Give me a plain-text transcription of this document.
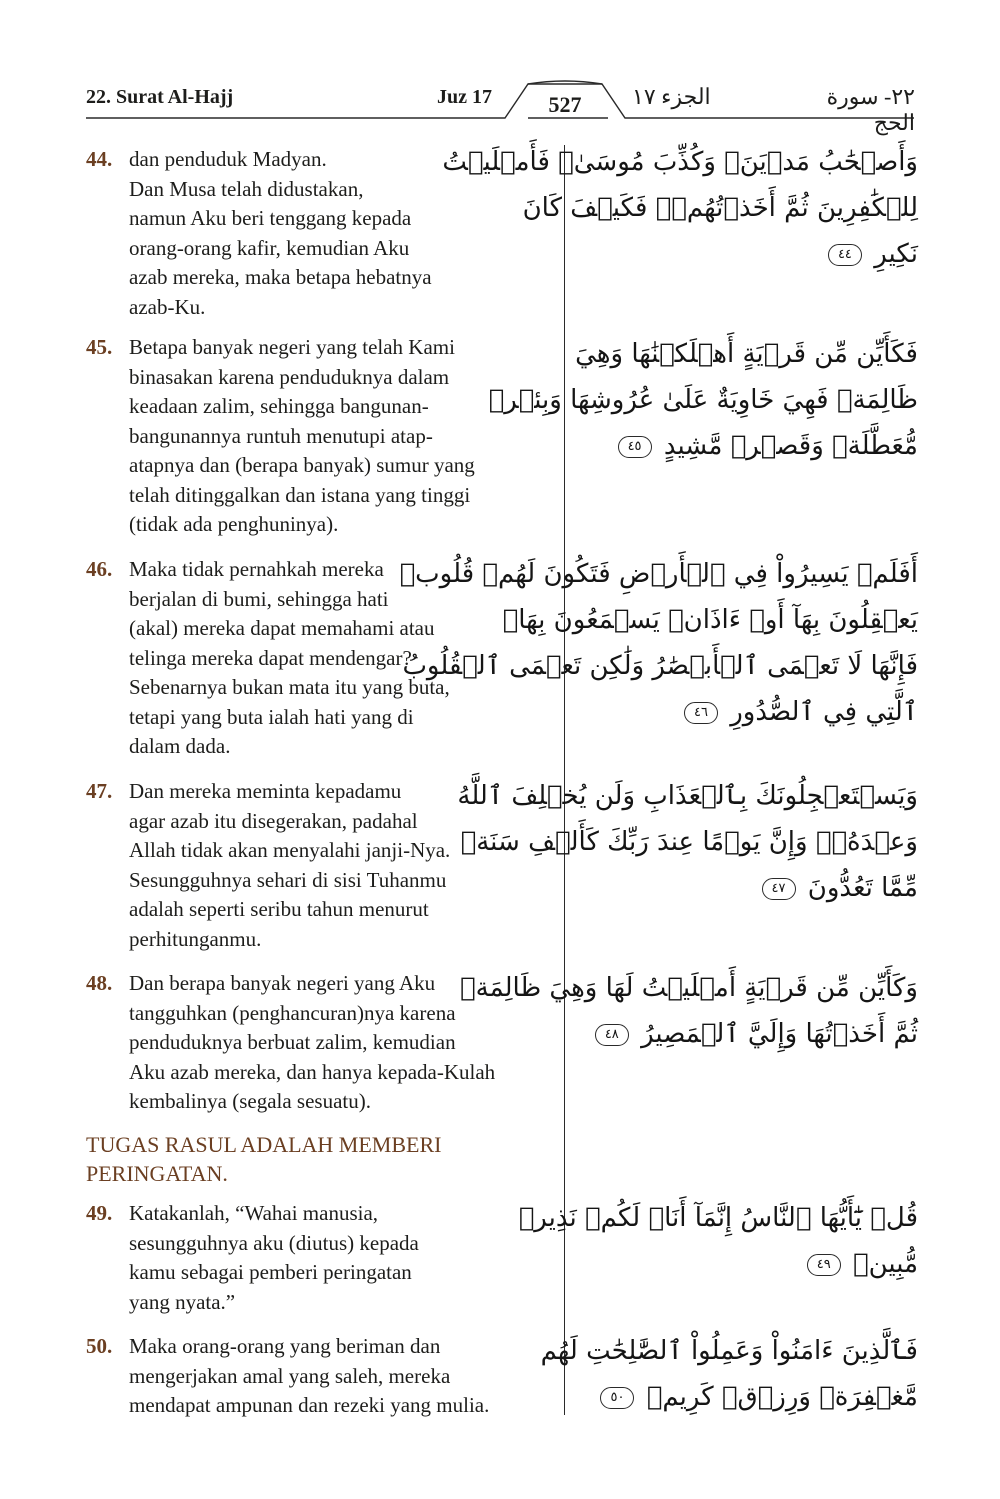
22. Surat Al-Hajj	Juz 17	527	الجزء ١٧	٢٢- سورة الحج
44. dan penduduk Madyan.
Dan Musa telah didustakan,
namun Aku beri tenggang kepada
orang-orang kafir, kemudian Aku
azab mereka, maka betapa hebatnya
azab-Ku.
وَأَصۡحَٰبُ مَدۡيَنَۖ وَكُذِّبَ مُوسَىٰۖ فَأَمۡلَيۡتُ
لِلۡكَٰفِرِينَ ثُمَّ أَخَذۡتُهُمۡۖ فَكَيۡفَ كَانَ
نَكِيرِ ٤٤
45. Betapa banyak negeri yang telah Kami
binasakan karena penduduknya dalam
keadaan zalim, sehingga bangunan-
bangunannya runtuh menutupi atap-
atapnya dan (berapa banyak) sumur yang
telah ditinggalkan dan istana yang tinggi
(tidak ada penghuninya).
فَكَأَيِّن مِّن قَرۡيَةٍ أَهۡلَكۡنَٰهَا وَهِيَ
ظَالِمَةٞ فَهِيَ خَاوِيَةٌ عَلَىٰ عُرُوشِهَا وَبِئۡرٖ
مُّعَطَّلَةٖ وَقَصۡرٖ مَّشِيدٍ ٤٥
46. Maka tidak pernahkah mereka
berjalan di bumi, sehingga hati
(akal) mereka dapat memahami atau
telinga mereka dapat mendengar?
Sebenarnya bukan mata itu yang buta,
tetapi yang buta ialah hati yang di
dalam dada.
أَفَلَمۡ يَسِيرُواْ فِي ٱلۡأَرۡضِ فَتَكُونَ لَهُمۡ قُلُوبٞ
يَعۡقِلُونَ بِهَآ أَوۡ ءَاذَانٞ يَسۡمَعُونَ بِهَاۖ
فَإِنَّهَا لَا تَعۡمَى ٱلۡأَبۡصَٰرُ وَلَٰكِن تَعۡمَى ٱلۡقُلُوبُ
ٱلَّتِي فِي ٱلصُّدُورِ ٤٦
47. Dan mereka meminta kepadamu
agar azab itu disegerakan, padahal
Allah tidak akan menyalahi janji-Nya.
Sesungguhnya sehari di sisi Tuhanmu
adalah seperti seribu tahun menurut
perhitunganmu.
وَيَسۡتَعۡجِلُونَكَ بِٱلۡعَذَابِ وَلَن يُخۡلِفَ ٱللَّهُ
وَعۡدَهُۥۚ وَإِنَّ يَوۡمًا عِندَ رَبِّكَ كَأَلۡفِ سَنَةٖ
مِّمَّا تَعُدُّونَ ٤٧
48. Dan berapa banyak negeri yang Aku
tangguhkan (penghancuran)nya karena
penduduknya berbuat zalim, kemudian
Aku azab mereka, dan hanya kepada-Kulah
kembalinya (segala sesuatu).
وَكَأَيِّن مِّن قَرۡيَةٍ أَمۡلَيۡتُ لَهَا وَهِيَ ظَالِمَةٞ
ثُمَّ أَخَذۡتُهَا وَإِلَيَّ ٱلۡمَصِيرُ ٤٨
TUGAS RASUL ADALAH MEMBERI
PERINGATAN.
49. Katakanlah, “Wahai manusia,
sesungguhnya aku (diutus) kepada
kamu sebagai pemberi peringatan
yang nyata.”
قُلۡ يَٰٓأَيُّهَا ٱلنَّاسُ إِنَّمَآ أَنَا۠ لَكُمۡ نَذِيرٞ
مُّبِينٞ ٤٩
50. Maka orang-orang yang beriman dan
mengerjakan amal yang saleh, mereka
mendapat ampunan dan rezeki yang mulia.
فَٱلَّذِينَ ءَامَنُواْ وَعَمِلُواْ ٱلصَّٰلِحَٰتِ لَهُم
مَّغۡفِرَةٞ وَرِزۡقٞ كَرِيمٞ ٥٠
